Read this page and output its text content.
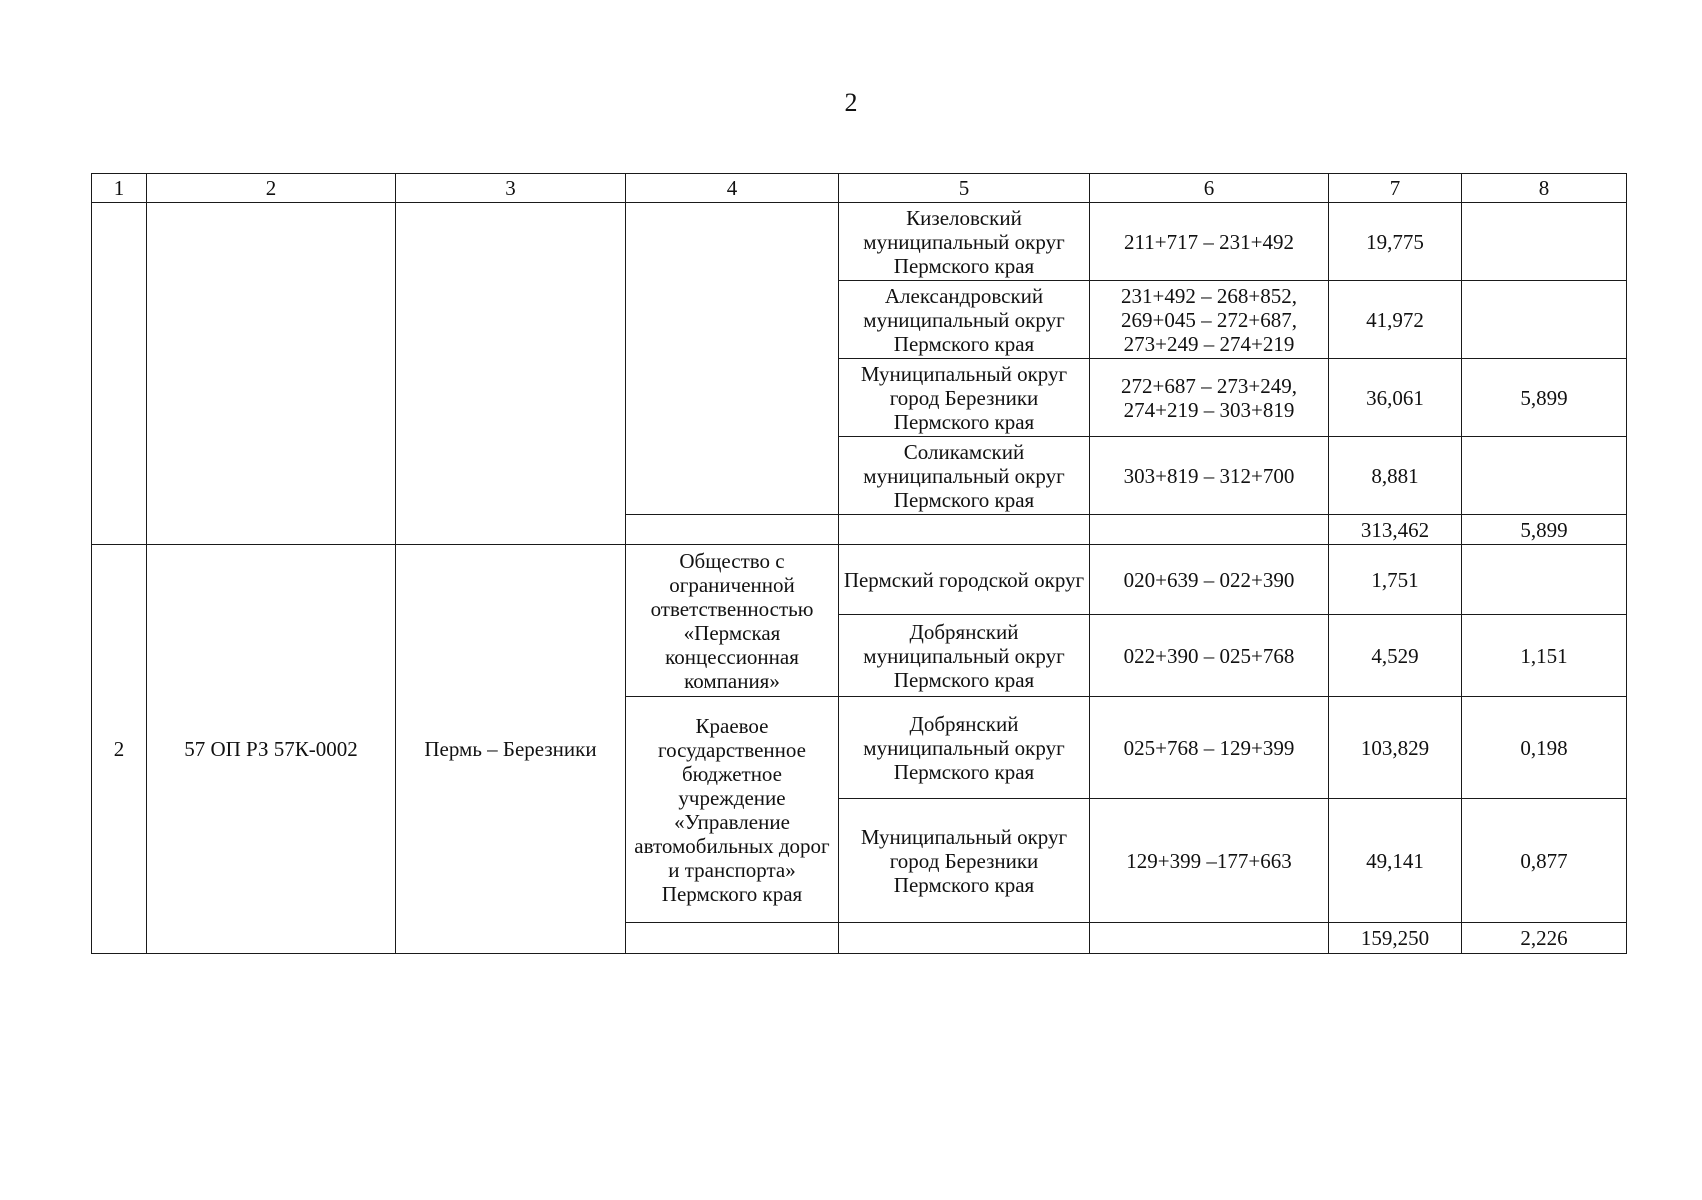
2
1	2	3	4	5	6	7	8
				Кизеловский муниципальный округ Пермского края	211+717 – 231+492	19,775	
				Александровский муниципальный округ Пермского края	231+492 – 268+852, 269+045 – 272+687, 273+249 – 274+219	41,972	
				Муниципальный округ город Березники Пермского края	272+687 – 273+249, 274+219 – 303+819	36,061	5,899
				Соликамский муниципальный округ Пермского края	303+819 – 312+700	8,881	
						313,462	5,899
2	57 ОП РЗ 57К-0002	Пермь – Березники	Общество с ограниченной ответственностью «Пермская концессионная компания»	Пермский городской округ	020+639 – 022+390	1,751	
				Добрянский муниципальный округ Пермского края	022+390 – 025+768	4,529	1,151
			Краевое государственное бюджетное учреждение «Управление автомобильных дорог и транспорта» Пермского края	Добрянский муниципальный округ Пермского края	025+768 – 129+399	103,829	0,198
				Муниципальный округ город Березники Пермского края	129+399 –177+663	49,141	0,877
						159,250	2,226
